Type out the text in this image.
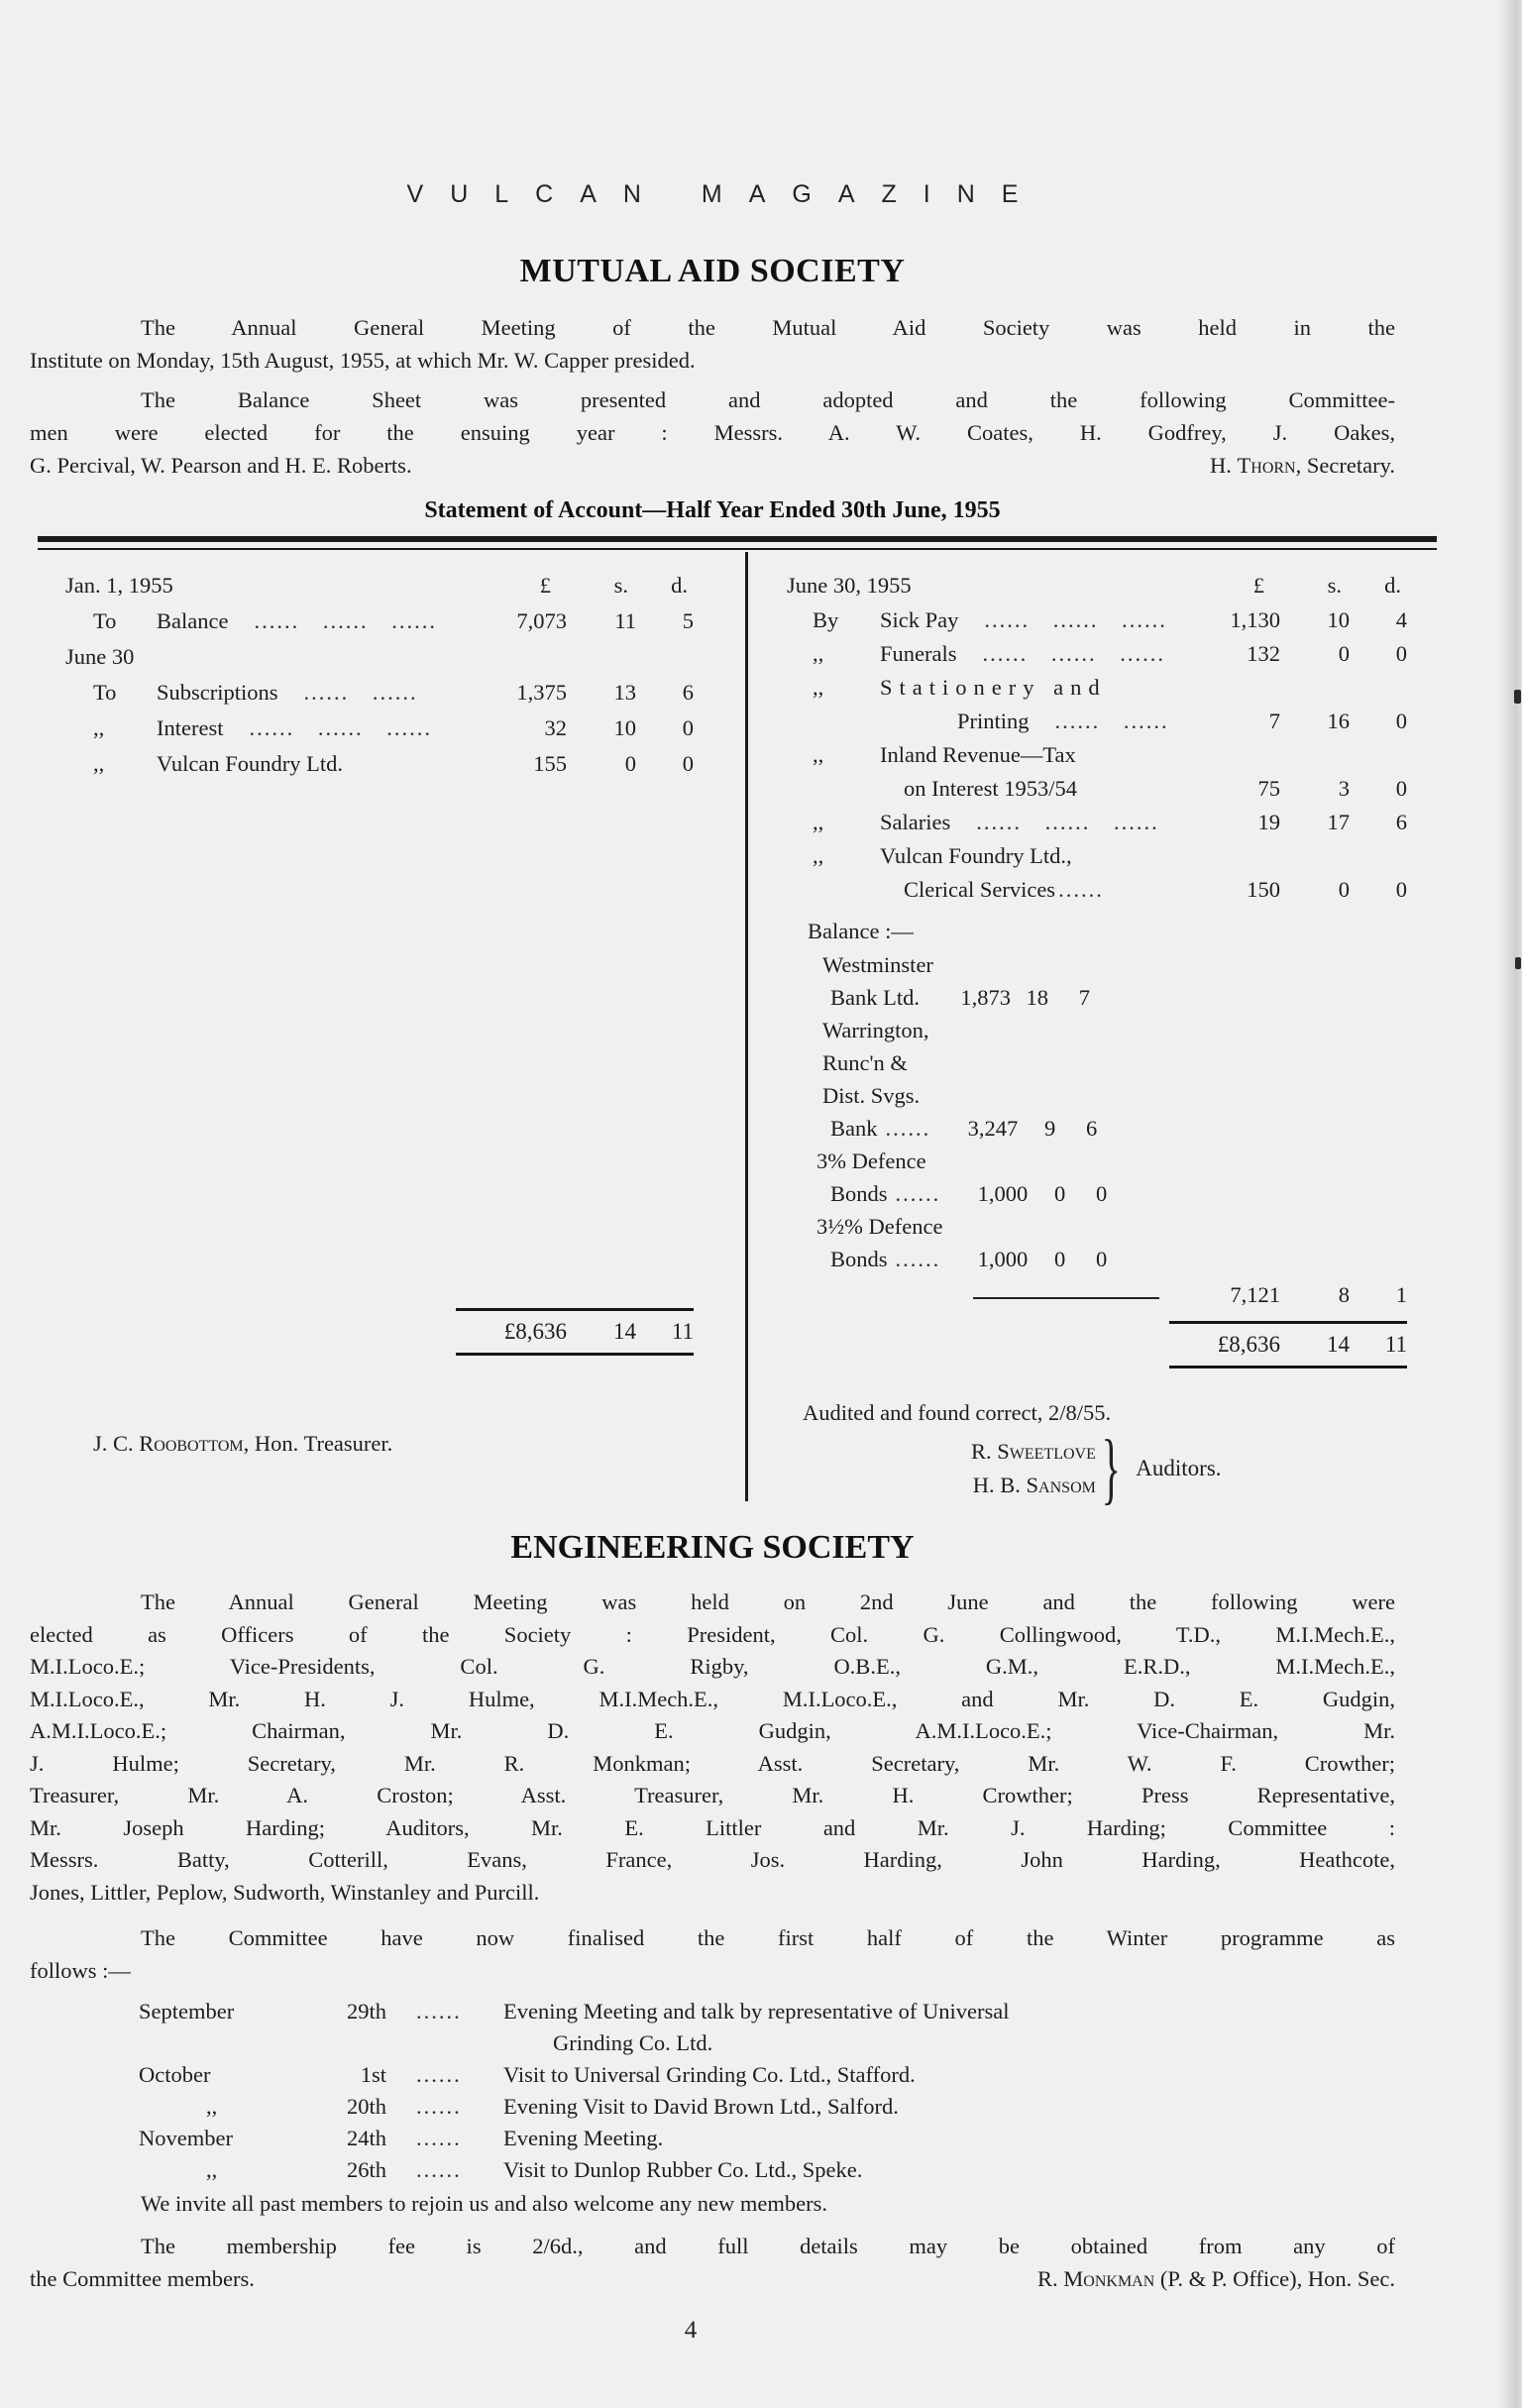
VULCAN MAGAZINE
MUTUAL AID SOCIETY
The Annual General Meeting of the Mutual Aid Society was held in the
Institute on Monday, 15th August, 1955, at which Mr. W. Capper presided.
The Balance Sheet was presented and adopted and the following Committee-
men were elected for the ensuing year : Messrs. A. W. Coates, H. Godfrey, J. Oakes,
G. Percival, W. Pearson and H. E. Roberts.	H. Thorn, Secretary.
Statement of Account—Half Year Ended 30th June, 1955
Jan. 1, 1955	£	s.	d.
To	Balance ...... ...... ......	7,073	11	5
June 30
To	Subscriptions ...... ......	1,375	13	6
,,	Interest ...... ...... ......	32	10	0
,,	Vulcan Foundry Ltd.	155	0	0
£8,636	14	11
J. C. Roobottom, Hon. Treasurer.
June 30, 1955	£	s.	d.
By	Sick Pay ...... ...... ......	1,130	10	4
,,	Funerals ...... ...... ......	132	0	0
,,	Stationery and
Printing ...... ......	7	16	0
,,	Inland Revenue—Tax
on Interest 1953/54	75	3	0
,,	Salaries ...... ...... ......	19	17	6
,,	Vulcan Foundry Ltd.,
Clerical Services ......	150	0	0
Balance :—
Westminster
Bank Ltd.	1,873 18	7
Warrington,
Runc'n &
Dist. Svgs.
Bank ......	3,247	9	6
3% Defence
Bonds ......	1,000	0	0
3½% Defence
Bonds ......	1,000	0	0
7,121	8	1
£8,636	14	11
Audited and found correct, 2/8/55.
R. Sweetlove
H. B. Sansom } Auditors.
ENGINEERING SOCIETY
The Annual General Meeting was held on 2nd June and the following were
elected as Officers of the Society : President, Col. G. Collingwood, T.D., M.I.Mech.E.,
M.I.Loco.E.; Vice-Presidents, Col. G. Rigby, O.B.E., G.M., E.R.D., M.I.Mech.E.,
M.I.Loco.E., Mr. H. J. Hulme, M.I.Mech.E., M.I.Loco.E., and Mr. D. E. Gudgin,
A.M.I.Loco.E.; Chairman, Mr. D. E. Gudgin, A.M.I.Loco.E.; Vice-Chairman, Mr.
J. Hulme; Secretary, Mr. R. Monkman; Asst. Secretary, Mr. W. F. Crowther;
Treasurer, Mr. A. Croston; Asst. Treasurer, Mr. H. Crowther; Press Representative,
Mr. Joseph Harding; Auditors, Mr. E. Littler and Mr. J. Harding; Committee :
Messrs. Batty, Cotterill, Evans, France, Jos. Harding, John Harding, Heathcote,
Jones, Littler, Peplow, Sudworth, Winstanley and Purcill.
The Committee have now finalised the first half of the Winter programme as
follows :—
September	29th ......	Evening Meeting and talk by representative of Universal
Grinding Co. Ltd.
October	1st ......	Visit to Universal Grinding Co. Ltd., Stafford.
,,	20th ......	Evening Visit to David Brown Ltd., Salford.
November	24th ......	Evening Meeting.
,,	26th ......	Visit to Dunlop Rubber Co. Ltd., Speke.
We invite all past members to rejoin us and also welcome any new members.
The membership fee is 2/6d., and full details may be obtained from any of
the Committee members.	R. Monkman (P. & P. Office), Hon. Sec.
4
